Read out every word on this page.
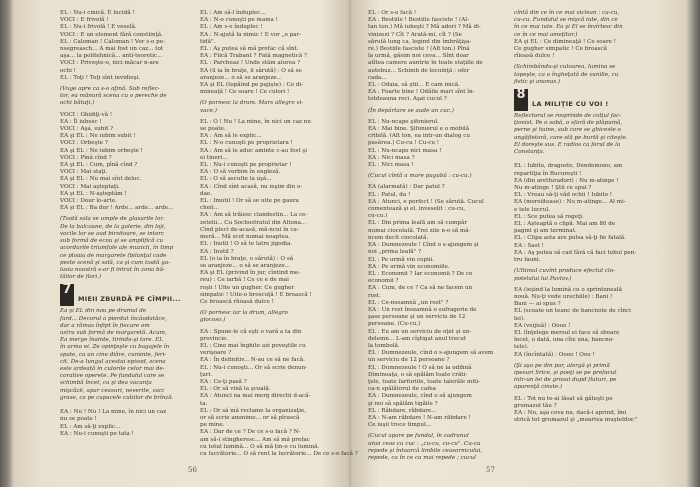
EL : Nu-i cinică. E lucidă !

VOCI : E frivolă !

EL : Nu-i frivolă ! E veselă.

VOCI : E un element fără constiinţă.

EL : Caloman ! Caloman ! Vor s-o pe-

nsegreasch... A mai fost un caz... tot

aşa... la politehnică... anti-teoretic...

VOCI : Priveşte-o, nici măcar n-are

ochi !

EL : Toţi ! Toţi sînt invidioşi.

(Vuge apre ca s-o aţină. Sub reflec-

tor, ea mănură scena cu o pereche de

ochi bătuţi.)

VOCI : Ghidiţi-vă !

EA : Îl iubesc !

VOCI : Aşa, subit ?

EA şi EL : Ne iubim subit !

VOCI : Orbeşte ?

EA şi EL : Ne iubim orbeşte !

VOCI : Pînă cînd ?

EA şi EL : Cum, pînă cînd ?

VOCI : Mai staţi.

EA şi EL : Nu mai sînt deloc.

VOCI : Mai aşteptaţi.

EA şi EL : N-aşteptăm !

VOCI : Dour lo-arte.

EA şi EL : Ba dur ! Arde... arde... arde...

(Toată sala se umple de glasurile lor.

De la balcoane, de la galerie, din loji,

vocile lor se aud birsitoare, se intorc

sub formă de ecou şi se amplifică cu

acordurile triumfale ale muzicii, în timp

ce ploaia de margarete (bilanţul cade

peste scenă şi sală, ca şi cum toată ga-

lasia noastră s-ar fi intrat în zona bă-

tăilor de flori.)

7
MIEII ZBURDĂ PE CÎMPII...

Ea şi EL din nou pe drumul de

fard... Decorul a pierdut încăodatăce,

dar a rămas înfipt în fiecare om

astru sub formă de margaretă. Acum,

Ea merge înainte, tirindu-şi tare. EL

în urma ei. Ze opinţeşte cu bagajele în

spate, ca un cine diăre, cuminte, feri-

cit. De-a lungul acestui episod, scena

este ardeată în culorile celor mai de-

corative operete. Pe fundalul care se

schimbă încet, ca şi dea vacanţa

mişcăzii, apar ceasuri, neverite, vaci

grase, ca pe capacele cutiilor de brînză.

EA : Nu ! Nu ! La mine, în nici un caz

nu se poate !

EL : Am să-ţi explic...

EA : Nu-i cunoşti pe tata !

EL : Am să-l înduplec...

EA : N-o cunoşti pe mama !

EL : Am s-o înduplec !

EA : N-ajută la nimic ! E vor „o par-

tidă".

EL : Aş putea să mă prefac că sînt.

EA : Fiică Trabant ? Fată magnetică ?

EL : Parcheaz ! Unde stăm aiurea ?

EA (il ia în braţe, il sărută) : O să se

aranjeze... o să se aranjeze...

EA şi EL (topăind pe pajişte) : Ce di-

mineaţă ! Ce soare ! Ce culori !

(O pornesc la drum. Mars allegro vi-

vace.)

EL : O ! Nu ! La mine, în nici un caz nu

se poate.

EA : Am să le explic...

EL : N-o cunoşti pe proprietara !

EA : Am să le aduc aminte c-au fost şi

ei tineri...

EL : Nu-i cunoşti pe proprietar !

EA : O să vorbim în engleză.

EL : O să asculte la uşă...

EA : Cînd sînt acasă, nu ieşim din o-

dae.

EL : Imutil ! Or să se uite pe gaura

cheii...

EA : Am să trăiesc clandestin... La ce-

zetelii... Cu Sochostratul din Altona...

Cînd pleci de-acasă, mă-ncui în ca-

meră... Mă scot numai noaptea.

EL : Inutil ! O să te latre jigodia.

EA : Inutil ?

EL (o ia în braţe, o sărută) : O să

se aranjeze... o să se aranjeze...

EA şi EL (privind în jur, cîntind me-

reu) : Ce iarbă ! Ce ce e de mai

roşii ! Uite un gugher. Ce gugher

simpatic ! Uite-o broscuţă ! E broască !

Ce broască rîioasă dulce !

(O pornesc iar la drum, allegro

giocoso.)

EA : Spune-le că eşti o vară a ta din

provincie.

EL : Cine mai înghite azi poveştile cu

verişoare ?

EA : În definitiv... N-au ce să ne facă.

EL : Nu-i cunoşti... Or să scrie denun-

ţuri.

EA : Ce-ţi pasă ?

EL : Or să vină la şcoală.

EA : Atunci na mai merg directii d-acă-

ta.

EL : Or să mă reclame la organizaţie,

or să scrie anonime... or să pîrască

pe mine.

EA : Dar de ce ? De ce s-o facă ? N-

am să-i stingheresc... Am să mă prefac

cu totul lumină... O să mă țin-o cu lumină.

cu lucrătorie... O să rent la lucrătorie... De ce s-o facă ?

56

EL : Or s-o facă !

EA : Bestiile ! Bestiile fasciste ! (Al-

tan ton.) Mă iubeşti ? Mă adori ? Mă di-

vinizezi ? Cît ? Arată-mi, cît ? (Se

sărută lung ca, legind din îmbrăţişa-

re.) Bestiile fasciste ! (Alt ton.) Pînă

la urmă, găsim noi ceva... Sînt doar

atîtea camere auntrie în toate staţiile de

autobuz... Schimb de locuinţă : ofer

cada...

EL : Odaia, să ştii... E cam mică.

EA : Foarte bine ! Odăile mari sînt în-

totdeauna reci. Aşai cucul ?

(În depărtare se aude un cuc.)

EL : Nu-ncape şifonierul.

EA : Mai bine. Şifonierul e o mobilă

cribilă. (Alt ton, ea intr-un dialog cu

pasărea.) Cu-cu ! Cu-cu !

EL : Nu-ncape nici masa !

EA : Nici masa ?

EL : Nici masa !

(Cucul cîntă a mare pagubă : cu-cu.)

EA (alarmată) : Dar patul ?

EL : Patul, da !

EA : Atunci, e perfect ! (Se sărută. Cucul

comentează şi el, inveselit : cu-cu,

cu-cu.)

EL : Din prima leafă am să cumpăr

numai ciocolată. Trei zile n-o să mă-

ncem decît ciocolată.

EA : Dumnezeule ! Cînd o s-ajungem şi

noi „prima leafă" ?

EL : Pe urmă vin copiii.

EA : Pe urmă vin economiile.

EL : Economii ? Iar economii ? De ce

economii ?

EA : Cum, de ce ? Ca să ne facem un

rost.

EL : Ce-nseamnă „un rost" ?

EA : Un rost înseamnă o sufragerie de

şase persoane şi un serviciu de 12

persoane. (Cu-cu.)

EL : Eu am un serviciu de oţet şi un-

delemn... L-am cîştigat anul trecut

la tombolă.

EL : Dumnezeule, cînd o s-ajungem să avem

un serviciu de 12 persoane ?

EL : Dumnezeule ! O să ne ia odihnă

Dimineaţa, o să spălăm toate crăti-

ţele, toate farfuriile, toate talerăle miti-

ca-n spălătorul de cafea

EA : Dumnezeule, cînd o să ajungem

şi noi să spălăm tigăile ?

EL : Răbdare, răbdare...

EA : N-am răbdare ! N-am răbdare !

Ce iuşii trece timpul...

(Cucul apare pe fundal, în cadranul

unui ceas cu cuc : „cu-cu, cu-cu". Cu-cu

repede şi întoarcă limbile ceasornicului,

repede, ca în ce ca mai repede ; cucul

cîntă din ce în ce mai viclean : cu-cu,

cu-cu. Fundalul se mişcă iute, din ce

în ce mai iute. Ea şi El se învîrtesc din

ce în ce mai ameţitor.)

EA şi EL : Ce dimineaţă ! Ce soare !

Ce gugher simpatic ! Ce broască

rîioasă dulce !

(Schimbându-şi culoarea, lumina se

topeşte, ca o îngheţată de vanilie, cu

fistic şi ananas.)

8
LA MILIŢIE CU VOI !

Reflectorul se rosprinde de colţul fac-

ţionist. Pe o sobă, o sfară de plăpumă,

perne şi haine, sub care se ghiceste o

angăfietoră, care stă pe burtă şi citeşte.

El doreşte sus. E radios ca farul de la

Constanţa.

EL : Iubito, dragoste, Dendemono, am

repartiţia în Bucureşti !

EA (din aretfuradori) : Nu m-atinge !

Nu m-atinge ! Ştii ce spui ?

EL : Vreau să-ţi văd ochii ! Iubito !

EA (morsiitoase) : Nu m-atinge... Al mi-

e tele lucrul.

EL : Sce putea să rogeţi.

EL : Aşteaptă o clipă. Mai am 80 de

pagini şi am terminat.

EL : Clipa asta are pulsa să-ţi fie fatală.

EA : Sast !

EA : Aş putea să cad fără că faci tobul pen-

tru fauni.

(Ultimul cuvînt produce efectul clo-

potelului lui Pavlov.)

EA (ieşind la lumină cu o sprinteneală

nouă. Nu-ţi vede urechiile) : Bani !

Bani — ai spus ?

EL (scoate un teanc de bancnote de cînci

lei).

EA (veijisă) : Oooo !

EL (înţelege mersul ei face să sboare

încet, o dată, una cîte una, bancno-

tele).

EA (încîntată) : Oooo ! Ooo !

(Şi aşa pe din par, alergă şi primă

ipesuri lirice, şi poeţi se pe prefacut

intr-un lei de grosul dupd fluturi, pe

aparenţă cinste.)

EL : Tot nu te-ai lăsat să găteşti pe

grumazul tău ?

EA : Nu, aşa ceva nu, dacă-i aprind, îmi

strică tot grumazul şi „moartea muşteldor."

57
